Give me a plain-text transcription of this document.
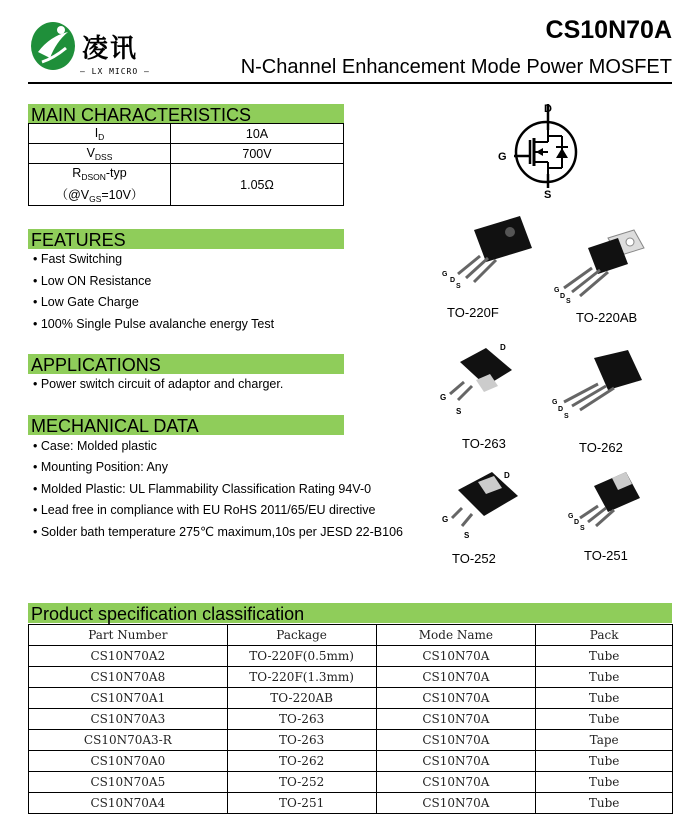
凌讯
— LX MICRO —
CS10N70A
N-Channel Enhancement Mode Power MOSFET
MAIN CHARACTERISTICS
$I_D$	10A
$V_{DSS}$	700V

$R_{DSON}$-typ
$(@V_{GS}=10V)$	1.05Ω
FEATURES
• Fast Switching
• Low ON Resistance
• Low Gate Charge
• 100% Single Pulse avalanche energy Test
APPLICATIONS
• Power switch circuit of adaptor and charger.
MECHANICAL DATA
• Case: Molded plastic
• Mounting Position: Any
• Molded Plastic: UL Flammability Classification Rating 94V-0
• Lead free in compliance with EU RoHS 2011/65/EU directive
• Solder bath temperature 275℃ maximum,10s per JESD 22-B106
D
G
S
G
D
S
TO-220F
G
D
S
TO-220AB
D
G
S
TO-263
G
D
S
TO-262
D
G
S
TO-252
G
D
S
TO-251
Product specification classification
Part Number	Package	Mode Name	Pack
CS10N70A2	TO-220F(0.5mm)	CS10N70A	Tube
CS10N70A8	TO-220F(1.3mm)	CS10N70A	Tube
CS10N70A1	TO-220AB	CS10N70A	Tube
CS10N70A3	TO-263	CS10N70A	Tube
CS10N70A3-R	TO-263	CS10N70A	Tape
CS10N70A0	TO-262	CS10N70A	Tube
CS10N70A5	TO-252	CS10N70A	Tube
CS10N70A4	TO-251	CS10N70A	Tube
